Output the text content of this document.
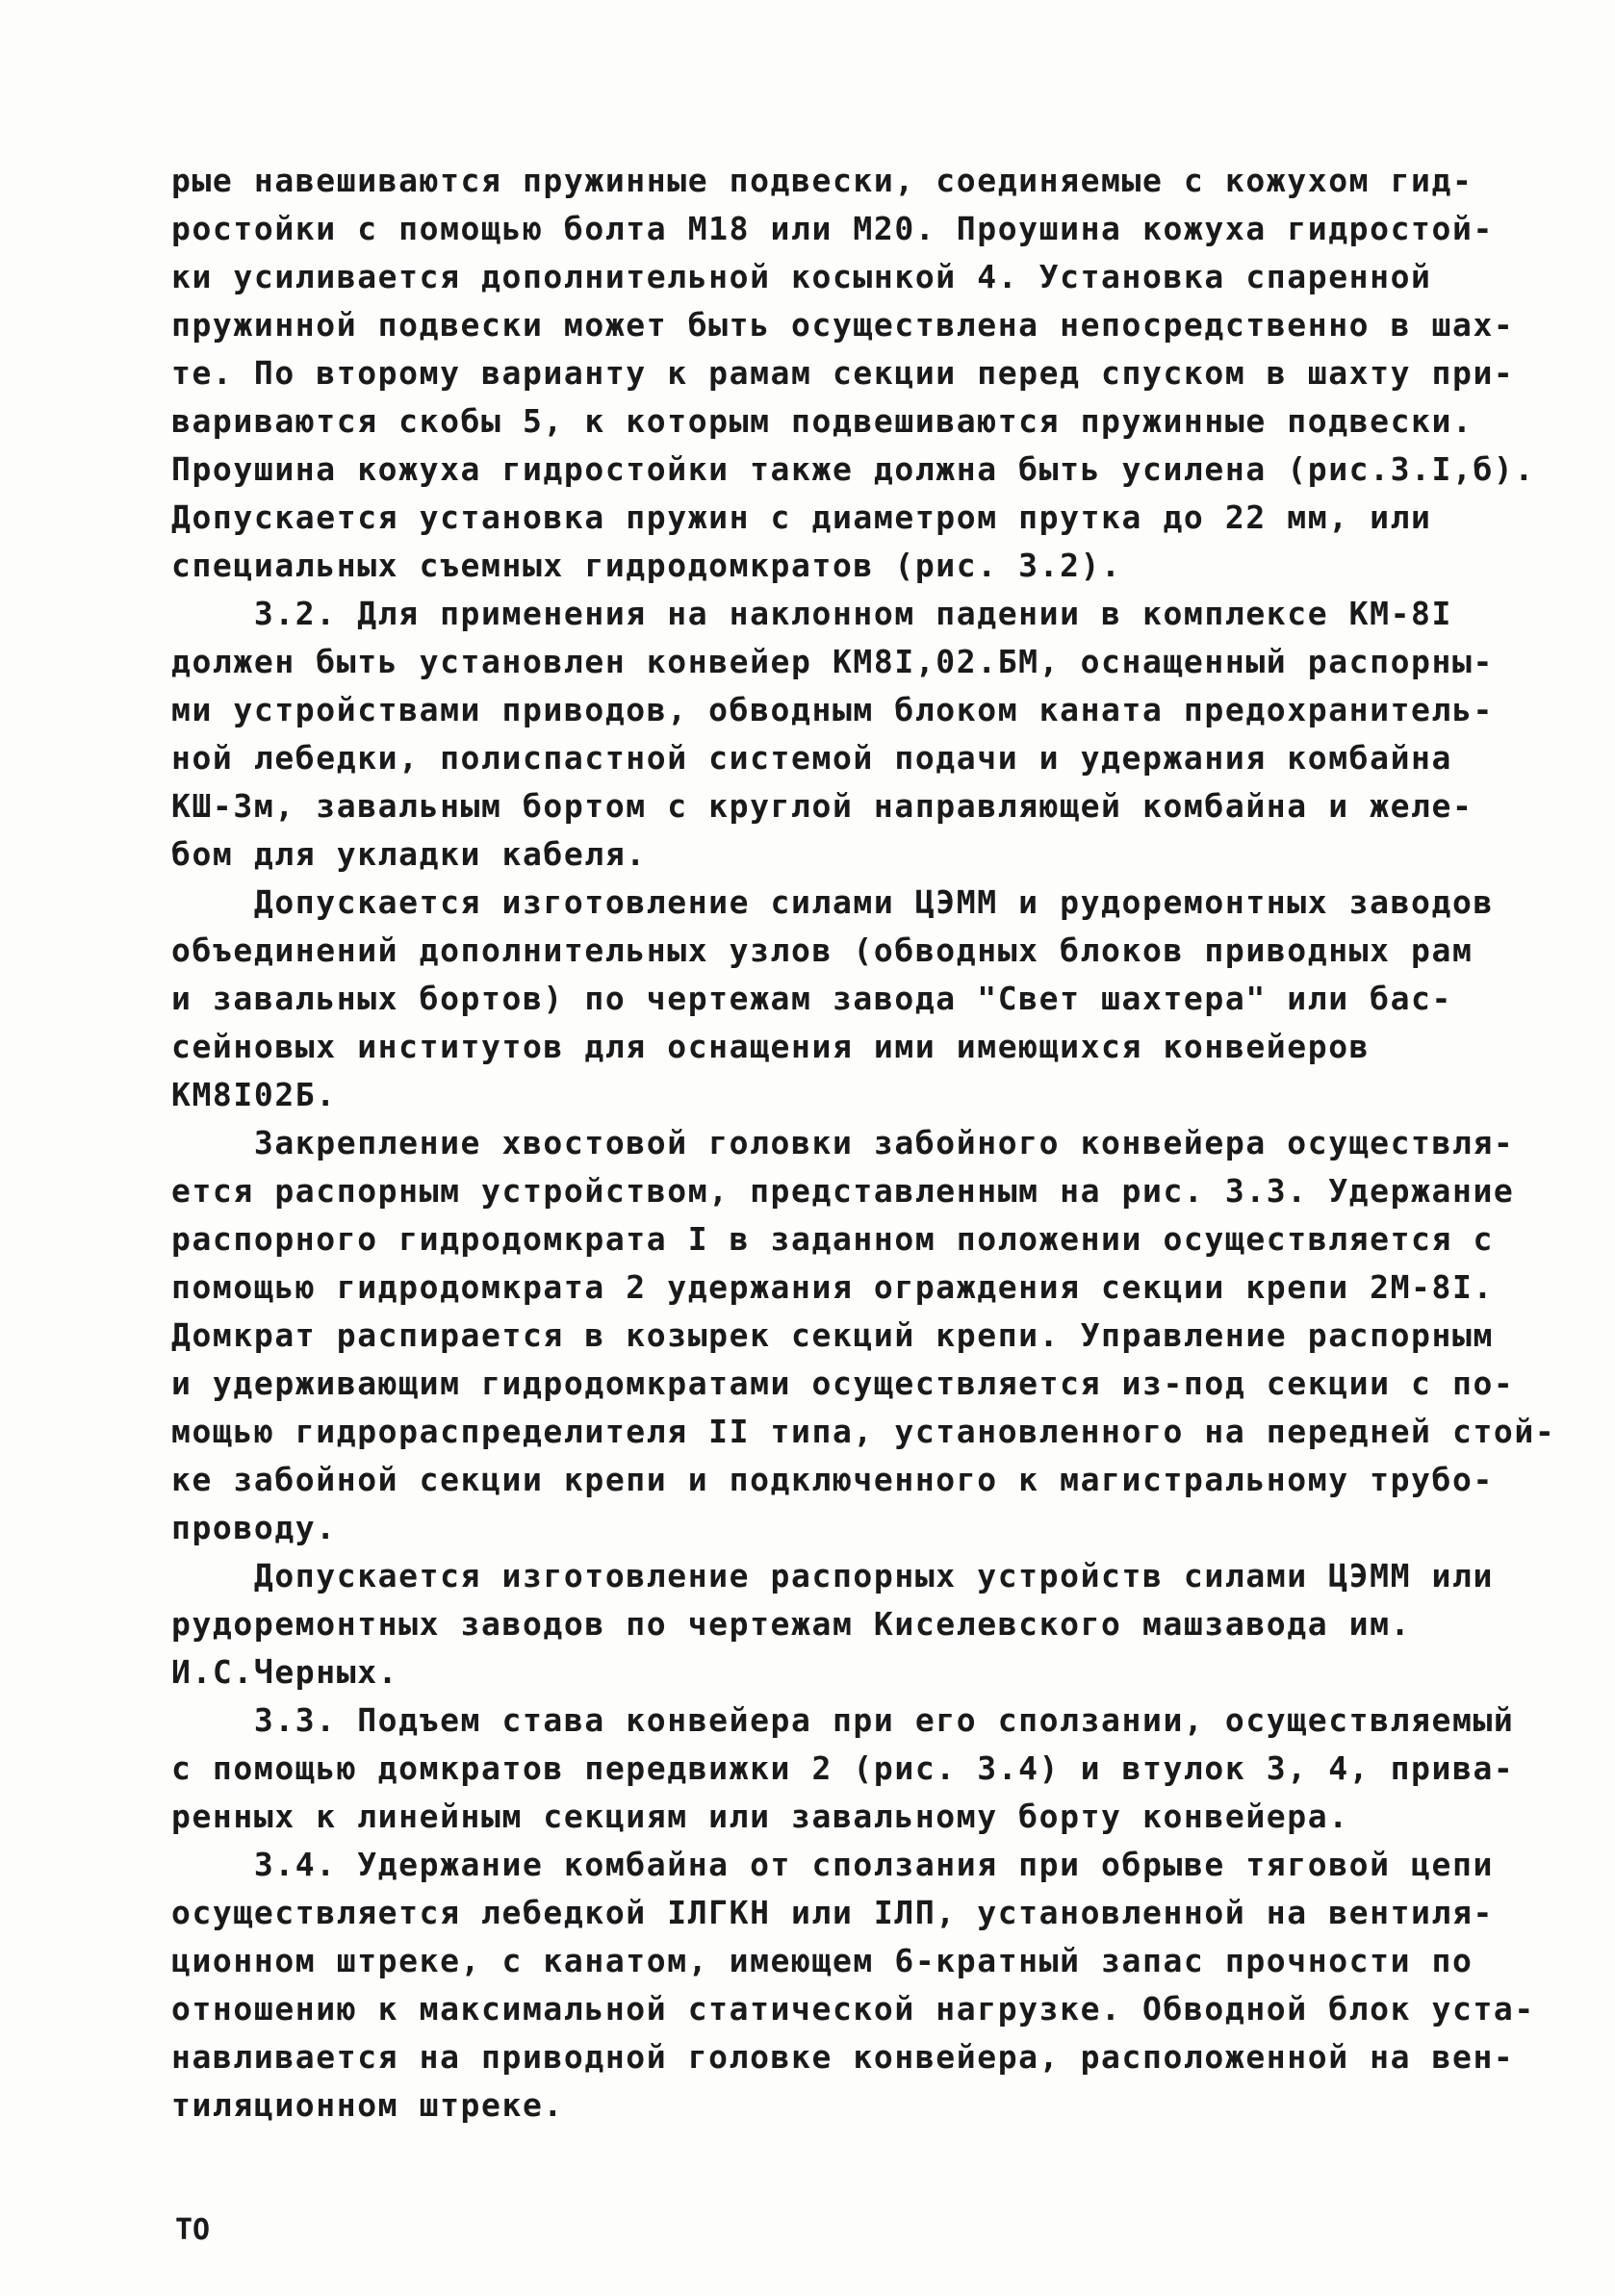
рые навешиваются пружинные подвески, соединяемые с кожухом гид-
ростойки с помощью болта М18 или М20. Проушина кожуха гидростой-
ки усиливается дополнительной косынкой 4. Установка спаренной
пружинной подвески может быть осуществлена непосредственно в шах-
те. По второму варианту к рамам секции перед спуском в шахту при-
вариваются скобы 5, к которым подвешиваются пружинные подвески.
Проушина кожуха гидростойки также должна быть усилена (рис.3.I,б).
Допускается установка пружин с диаметром прутка до 22 мм, или
специальных съемных гидродомкратов (рис. 3.2).
3.2. Для применения на наклонном падении в комплексе КМ-8I
должен быть установлен конвейер КМ8I,02.БМ, оснащенный распорны-
ми устройствами приводов, обводным блоком каната предохранитель-
ной лебедки, полиспастной системой подачи и удержания комбайна
КШ-3м, завальным бортом с круглой направляющей комбайна и желе-
бом для укладки кабеля.
Допускается изготовление силами ЦЭММ и рудоремонтных заводов
объединений дополнительных узлов (обводных блоков приводных рам
и завальных бортов) по чертежам завода "Свет шахтера" или бас-
сейновых институтов для оснащения ими имеющихся конвейеров
КМ8I02Б.
Закрепление хвостовой головки забойного конвейера осуществля-
ется распорным устройством, представленным на рис. 3.3. Удержание
распорного гидродомкрата I в заданном положении осуществляется с
помощью гидродомкрата 2 удержания ограждения секции крепи 2М-8I.
Домкрат распирается в козырек секций крепи. Управление распорным
и удерживающим гидродомкратами осуществляется из-под секции с по-
мощью гидрораспределителя II типа, установленного на передней стой-
ке забойной секции крепи и подключенного к магистральному трубо-
проводу.
Допускается изготовление распорных устройств силами ЦЭММ или
рудоремонтных заводов по чертежам Киселевского машзавода им.
И.С.Черных.
3.3. Подъем става конвейера при его сползании, осуществляемый
с помощью домкратов передвижки 2 (рис. 3.4) и втулок 3, 4, прива-
ренных к линейным секциям или завальному борту конвейера.
3.4. Удержание комбайна от сползания при обрыве тяговой цепи
осуществляется лебедкой IЛГКН или IЛП, установленной на вентиля-
ционном штреке, с канатом, имеющем 6-кратный запас прочности по
отношению к максимальной статической нагрузке. Обводной блок уста-
навливается на приводной головке конвейера, расположенной на вен-
тиляционном штреке.
ТО
